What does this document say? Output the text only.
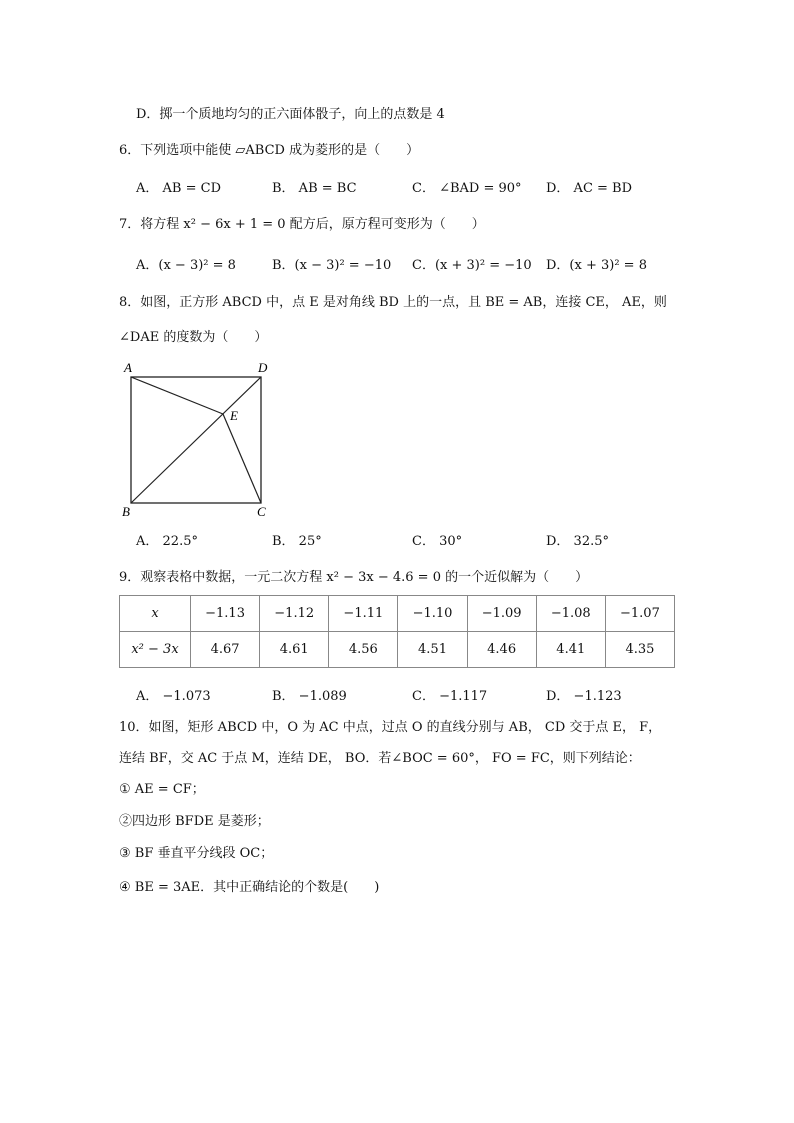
D．掷一个质地均匀的正六面体骰子，向上的点数是 4
6．下列选项中能使 ▱ABCD 成为菱形的是（　　）
A． AB = CD	B． AB = BC	C． ∠BAD = 90° D． AC = BD
7．将方程 x² − 6x + 1 = 0 配方后，原方程可变形为（　　）
A．(x − 3)² = 8	B．(x − 3)² = −10 C．(x + 3)² = −10 D．(x + 3)² = 8
8．如图，正方形 ABCD 中，点 E 是对角线 BD 上的一点，且 BE = AB，连接 CE， AE，则
∠DAE 的度数为（　　）
A	D
E
B	C
A． 22.5°	B． 25°	C． 30°	D． 32.5°
9．观察表格中数据，一元二次方程 x² − 3x − 4.6 = 0 的一个近似解为（　　）
x	−1.13	−1.12	−1.11	−1.10	−1.09	−1.08	−1.07
x² − 3x	4.67	4.61	4.56	4.51	4.46	4.41	4.35
A． −1.073	B． −1.089	C． −1.117	D． −1.123
10．如图，矩形 ABCD 中，O 为 AC 中点，过点 O 的直线分别与 AB， CD 交于点 E， F，
连结 BF，交 AC 于点 M，连结 DE， BO．若∠BOC = 60°， FO = FC，则下列结论：
① AE = CF；
②四边形 BFDE 是菱形；
③ BF 垂直平分线段 OC；
④ BE = 3AE．其中正确结论的个数是(　　)
